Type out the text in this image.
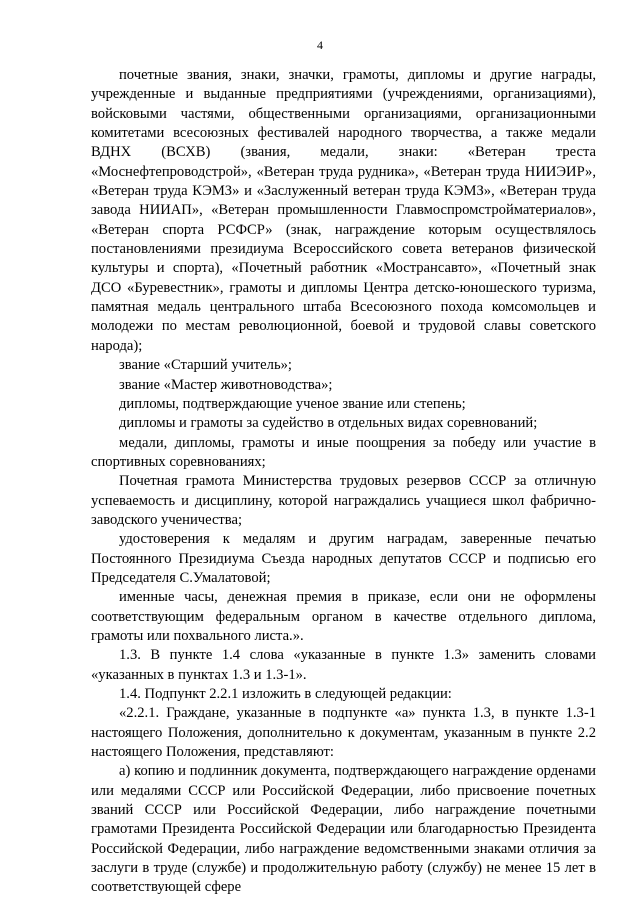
4

почетные звания, знаки, значки, грамоты, дипломы и другие награды, учрежденные и выданные предприятиями (учреждениями, организациями), войсковыми частями, общественными организациями, организационными комитетами всесоюзных фестивалей народного творчества, а также медали ВДНХ (ВСХВ) (звания, медали, знаки: «Ветеран треста «Моснефтепроводстрой», «Ветеран труда рудника», «Ветеран труда НИИЭИР», «Ветеран труда КЭМЗ» и «Заслуженный ветеран труда КЭМЗ», «Ветеран труда завода НИИАП», «Ветеран промышленности Главмоспромстройматериалов», «Ветеран спорта РСФСР» (знак, награждение которым осуществлялось постановлениями президиума Всероссийского совета ветеранов физической культуры и спорта), «Почетный работник «Мострансавто», «Почетный знак ДСО «Буревестник», грамоты и дипломы Центра детско-юношеского туризма, памятная медаль центрального штаба Всесоюзного похода комсомольцев и молодежи по местам революционной, боевой и трудовой славы советского народа);

звание «Старший учитель»;

звание «Мастер животноводства»;

дипломы, подтверждающие ученое звание или степень;

дипломы и грамоты за судейство в отдельных видах соревнований;

медали, дипломы, грамоты и иные поощрения за победу или участие в спортивных соревнованиях;

Почетная грамота Министерства трудовых резервов СССР за отличную успеваемость и дисциплину, которой награждались учащиеся школ фабрично-заводского ученичества;

удостоверения к медалям и другим наградам, заверенные печатью Постоянного Президиума Съезда народных депутатов СССР и подписью его Председателя С.Умалатовой;

именные часы, денежная премия в приказе, если они не оформлены соответствующим федеральным органом в качестве отдельного диплома, грамоты или похвального листа.».

1.3. В пункте 1.4 слова «указанные в пункте 1.3» заменить словами «указанных в пунктах 1.3 и 1.3-1».

1.4. Подпункт 2.2.1 изложить в следующей редакции:

«2.2.1. Граждане, указанные в подпункте «а» пункта 1.3, в пункте 1.3-1 настоящего Положения, дополнительно к документам, указанным в пункте 2.2 настоящего Положения, представляют:

а) копию и подлинник документа, подтверждающего награждение орденами или медалями СССР или Российской Федерации, либо присвоение почетных званий СССР или Российской Федерации, либо награждение почетными грамотами Президента Российской Федерации или благодарностью Президента Российской Федерации, либо награждение ведомственными знаками отличия за заслуги в труде (службе) и продолжительную работу (службу) не менее 15 лет в соответствующей сфере
